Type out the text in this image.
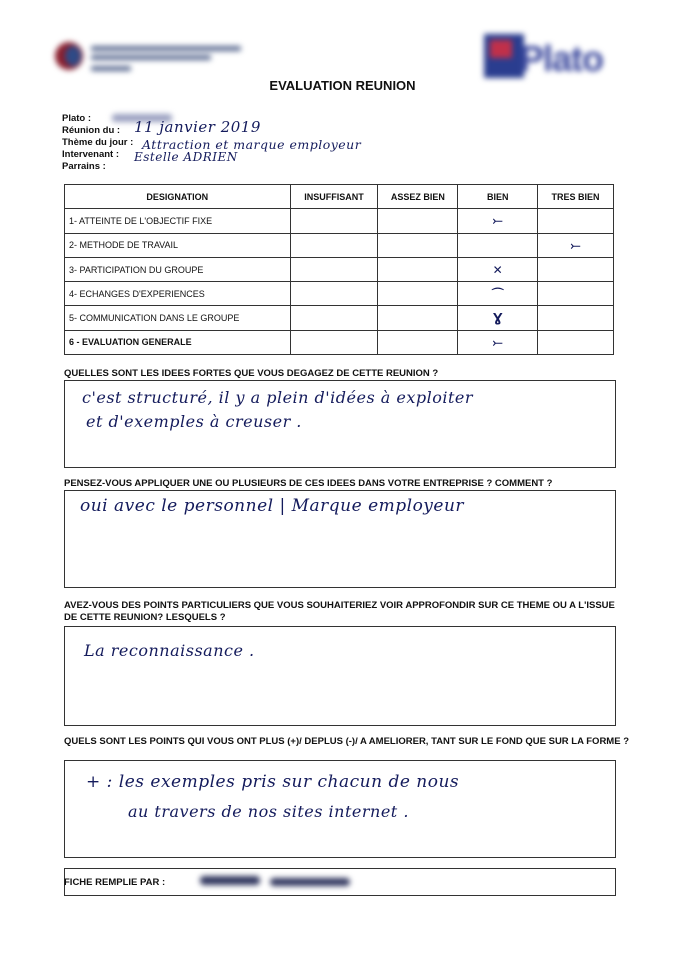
Plato
EVALUATION REUNION
Plato :
Réunion du : 11 janvier 2019
Thème du jour : Attraction et marque employeur
Intervenant : Estelle ADRIEN
Parrains :
DESIGNATION	INSUFFISANT	ASSEZ BIEN	BIEN	TRES BIEN
1- ATTEINTE DE L'OBJECTIF FIXE			⤚	
2- METHODE DE TRAVAIL				⤚
3- PARTICIPATION DU GROUPE			✕	
4- ECHANGES D'EXPERIENCES			⌒	
5- COMMUNICATION DANS LE GROUPE			Ɣ	
6 - EVALUATION GENERALE			⤚	
QUELLES SONT LES IDEES FORTES QUE VOUS DEGAGEZ DE CETTE REUNION ?
c'est structuré, il y a plein d'idées à exploiter
et d'exemples à creuser .
PENSEZ-VOUS APPLIQUER UNE OU PLUSIEURS DE CES IDEES DANS VOTRE ENTREPRISE ? COMMENT ?
oui avec le personnel | Marque employeur
AVEZ-VOUS DES POINTS PARTICULIERS QUE VOUS SOUHAITERIEZ VOIR APPROFONDIR SUR CE THEME OU A L'ISSUE DE CETTE REUNION? LESQUELS ?
La reconnaissance .
QUELS SONT LES POINTS QUI VOUS ONT PLUS (+)/ DEPLUS (-)/ A AMELIORER, TANT SUR LE FOND QUE SUR LA FORME ?
+ : les exemples pris sur chacun de nous
au travers de nos sites internet .
FICHE REMPLIE PAR :
